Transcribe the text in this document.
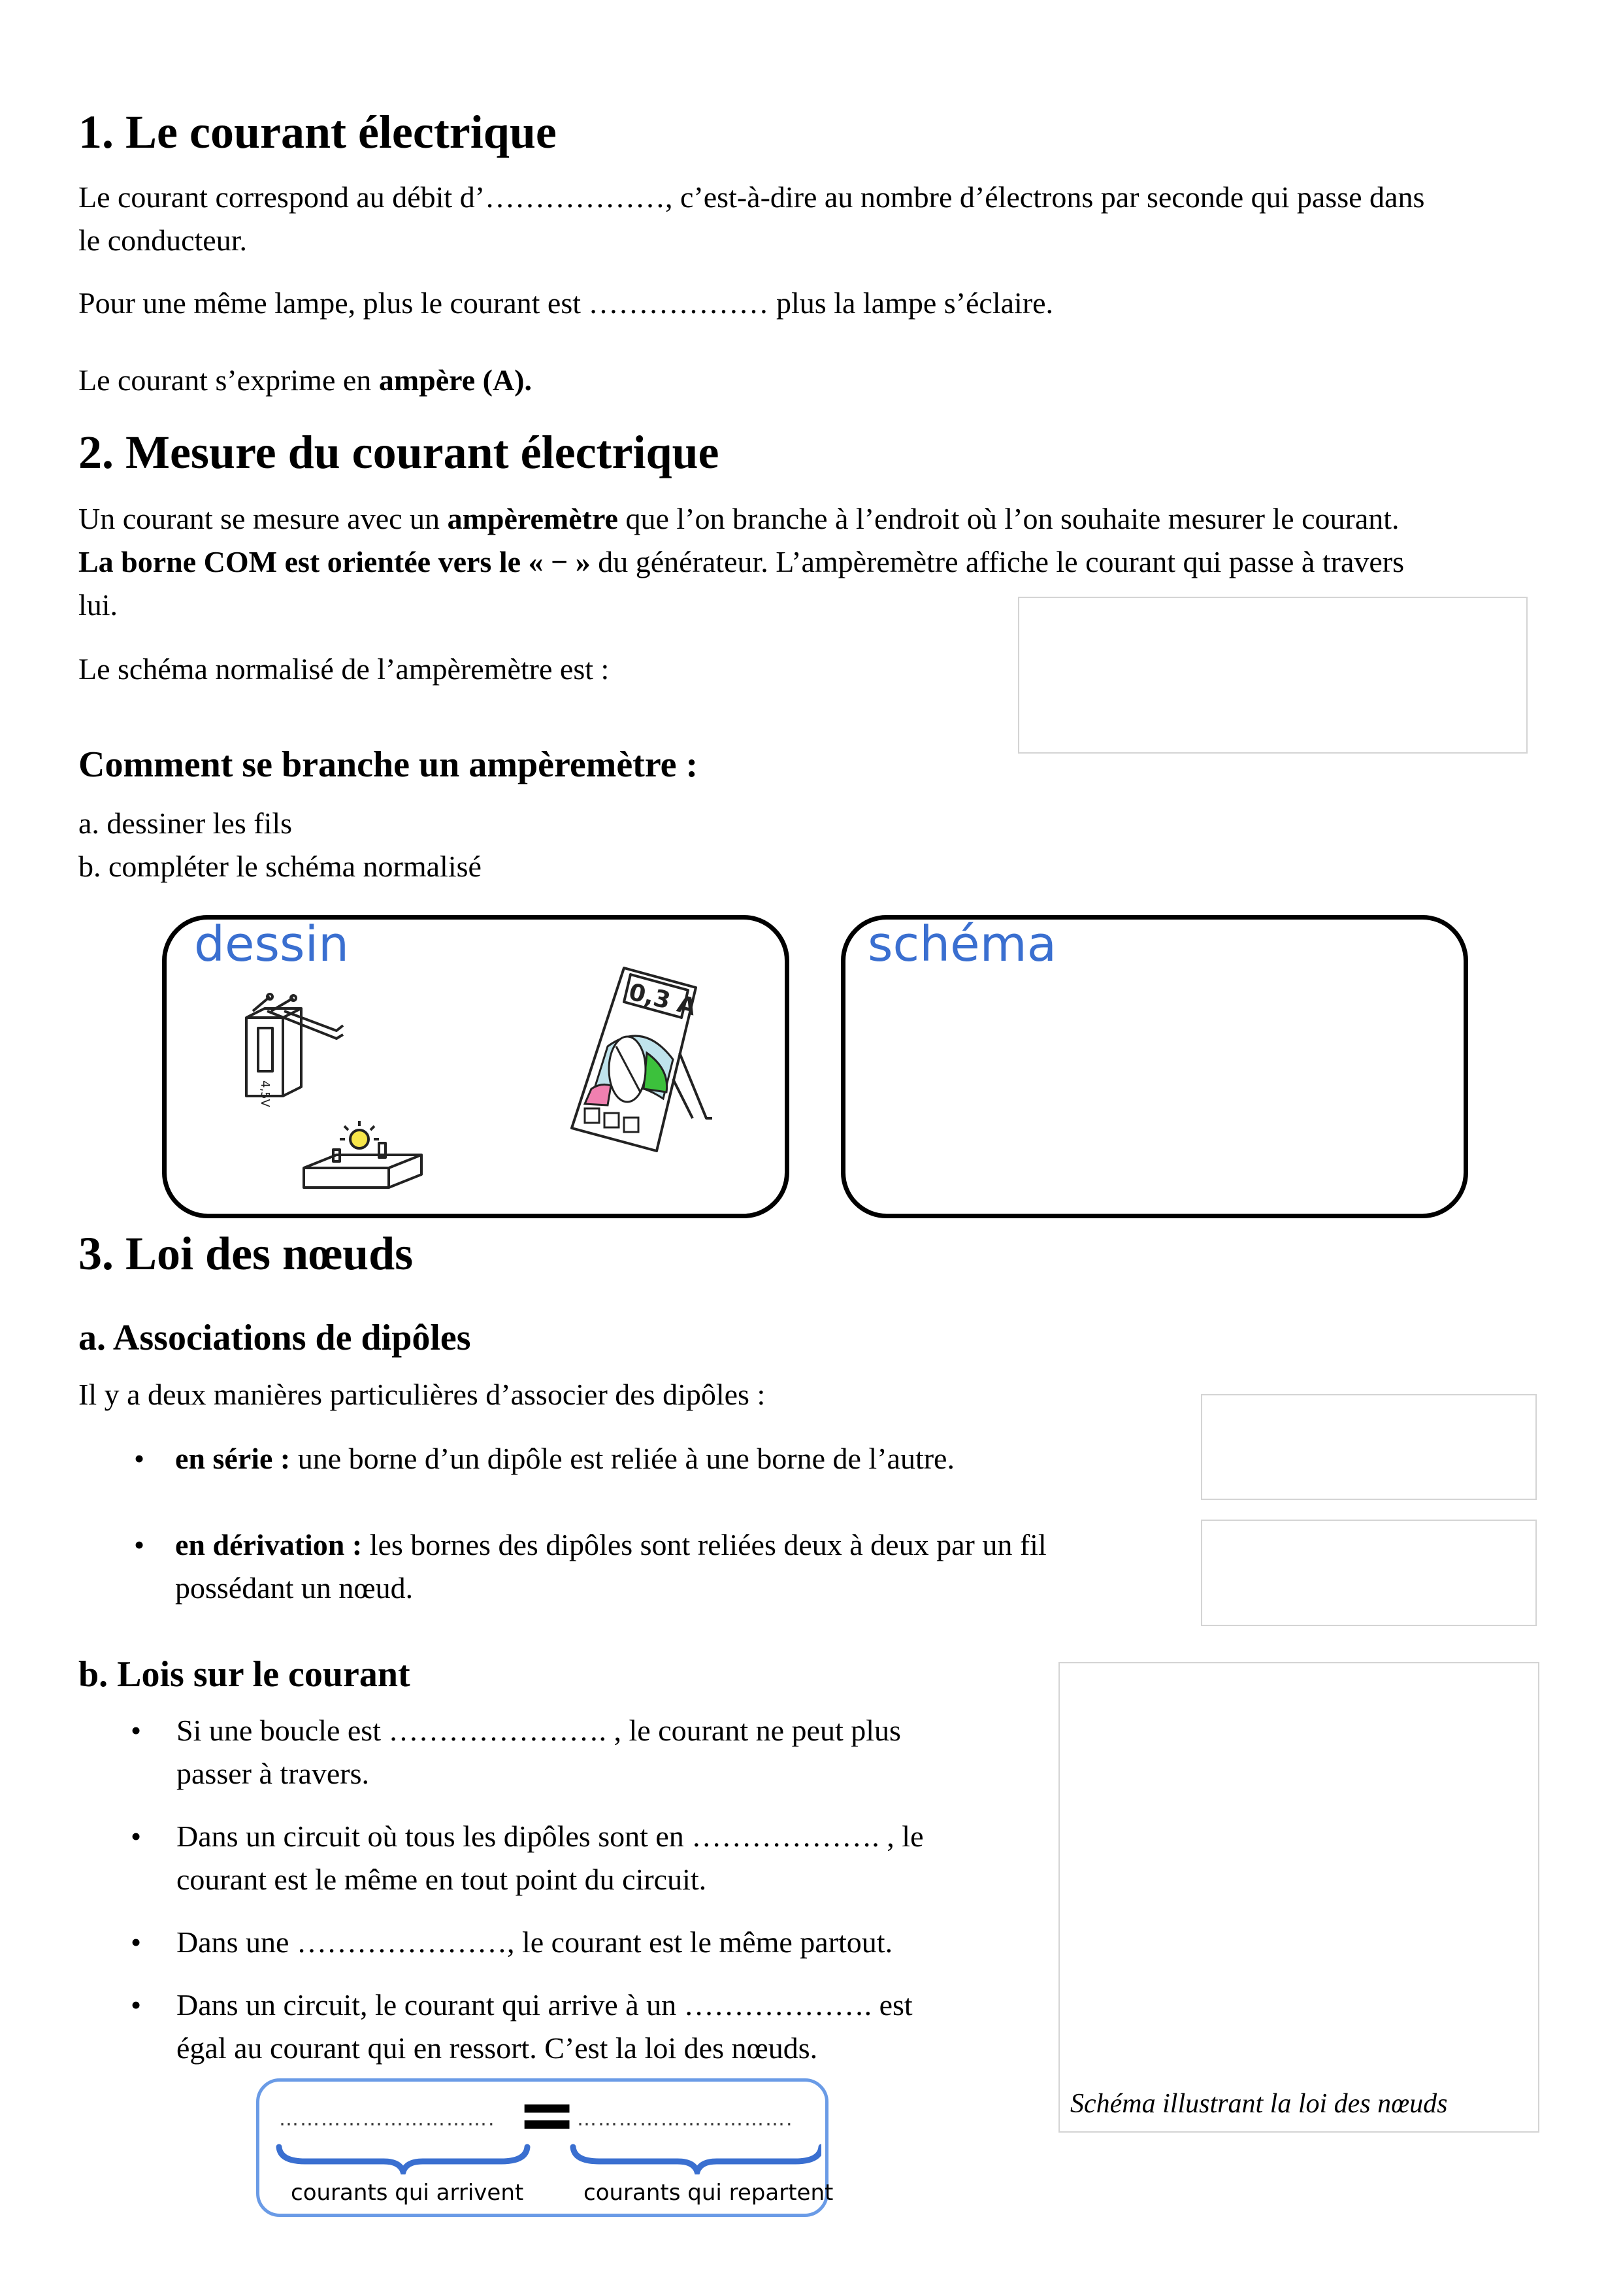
1. Le courant électrique
Le courant correspond au débit d’………………, c’est-à-dire au nombre d’électrons par seconde qui passe dans
le conducteur.
Pour une même lampe, plus le courant est ……………… plus la lampe s’éclaire.
Le courant s’exprime en ampère (A).
2. Mesure du courant électrique
Un courant se mesure avec un ampèremètre que l’on branche à l’endroit où l’on souhaite mesurer le courant.
La borne COM est orientée vers le « − » du générateur. L’ampèremètre affiche le courant qui passe à travers
lui.
Le schéma normalisé de l’ampèremètre est :
Comment se branche un ampèremètre :
a. dessiner les fils
b. compléter le schéma normalisé
dessin
4,5V
0,3 A
schéma
3. Loi des nœuds
a. Associations de dipôles
Il y a deux manières particulières d’associer des dipôles :
• en série : une borne d’un dipôle est reliée à une borne de l’autre.
• en dérivation : les bornes des dipôles sont reliées deux à deux par un fil
possédant un nœud.
b. Lois sur le courant
• Si une boucle est …………………. , le courant ne peut plus
passer à travers.
• Dans un circuit où tous les dipôles sont en ………………. , le
courant est le même en tout point du circuit.
• Dans une …………………, le courant est le même partout.
• Dans un circuit, le courant qui arrive à un ………………. est
égal au courant qui en ressort. C’est la loi des nœuds.
Schéma illustrant la loi des nœuds
…………………………. = ………………………….
courants qui arrivent	courants qui repartent
